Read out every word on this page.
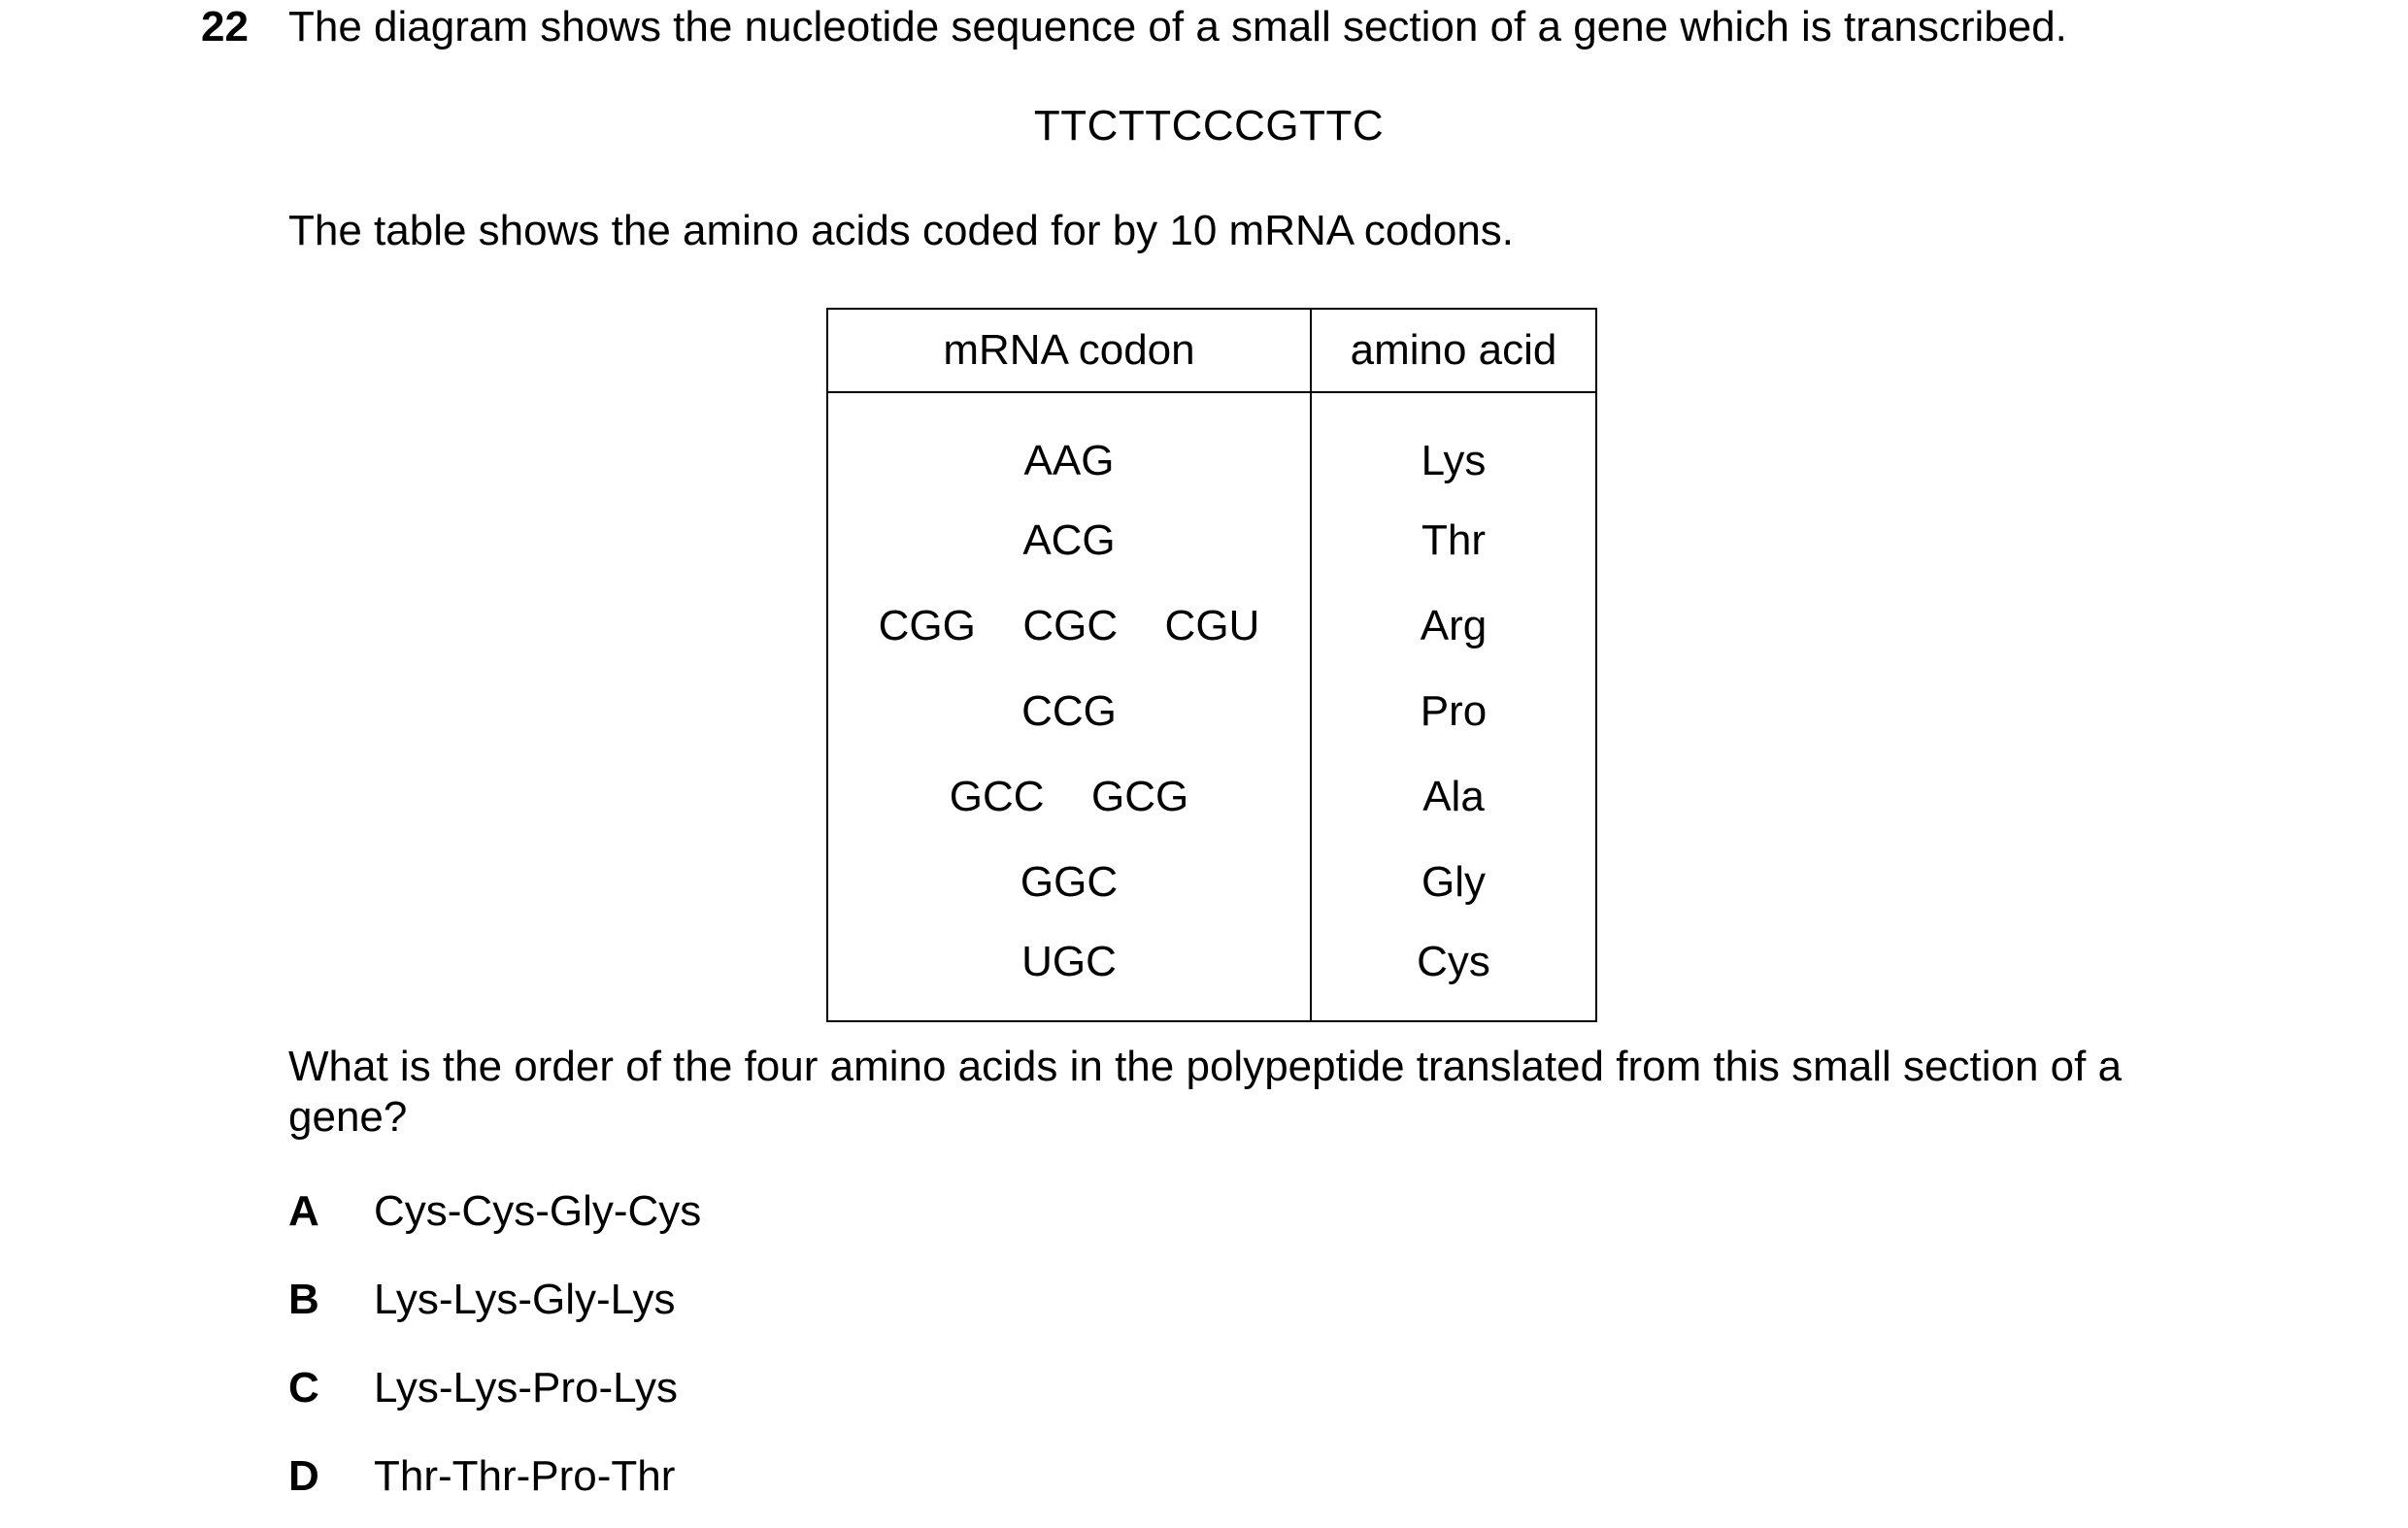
22 The diagram shows the nucleotide sequence of a small section of a gene which is transcribed.
TTCTTCCCGTTC
The table shows the amino acids coded for by 10 mRNA codons.
mRNA codon	amino acid
AAG	Lys
ACG	Thr
CGG  CGC  CGU	Arg
CCG	Pro
GCC  GCG	Ala
GGC	Gly
UGC	Cys
What is the order of the four amino acids in the polypeptide translated from this small section of a gene?
A Cys-Cys-Gly-Cys
B Lys-Lys-Gly-Lys
C Lys-Lys-Pro-Lys
D Thr-Thr-Pro-Thr
